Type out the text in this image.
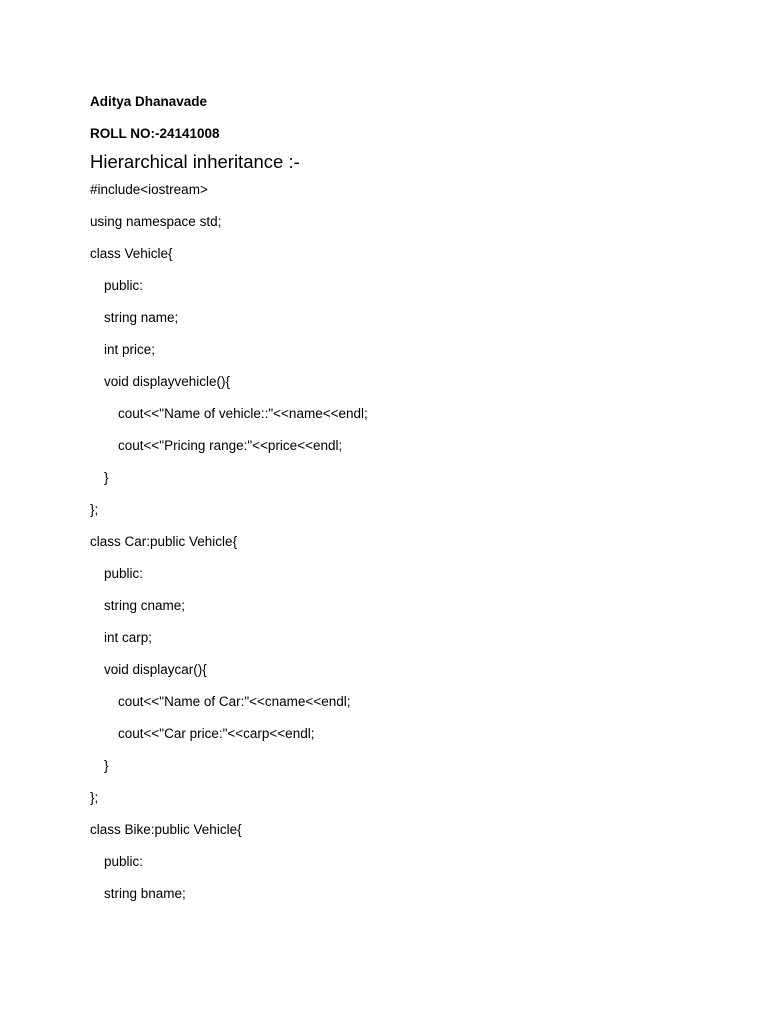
Aditya Dhanavade
ROLL NO:-24141008
Hierarchical inheritance :-
#include<iostream>
using namespace std;
class Vehicle{
public:
string name;
int price;
void displayvehicle(){
cout<<"Name of vehicle::"<<name<<endl;
cout<<"Pricing range:"<<price<<endl;
}
};
class Car:public Vehicle{
public:
string cname;
int carp;
void displaycar(){
cout<<"Name of Car:"<<cname<<endl;
cout<<"Car price:"<<carp<<endl;
}
};
class Bike:public Vehicle{
public:
string bname;
